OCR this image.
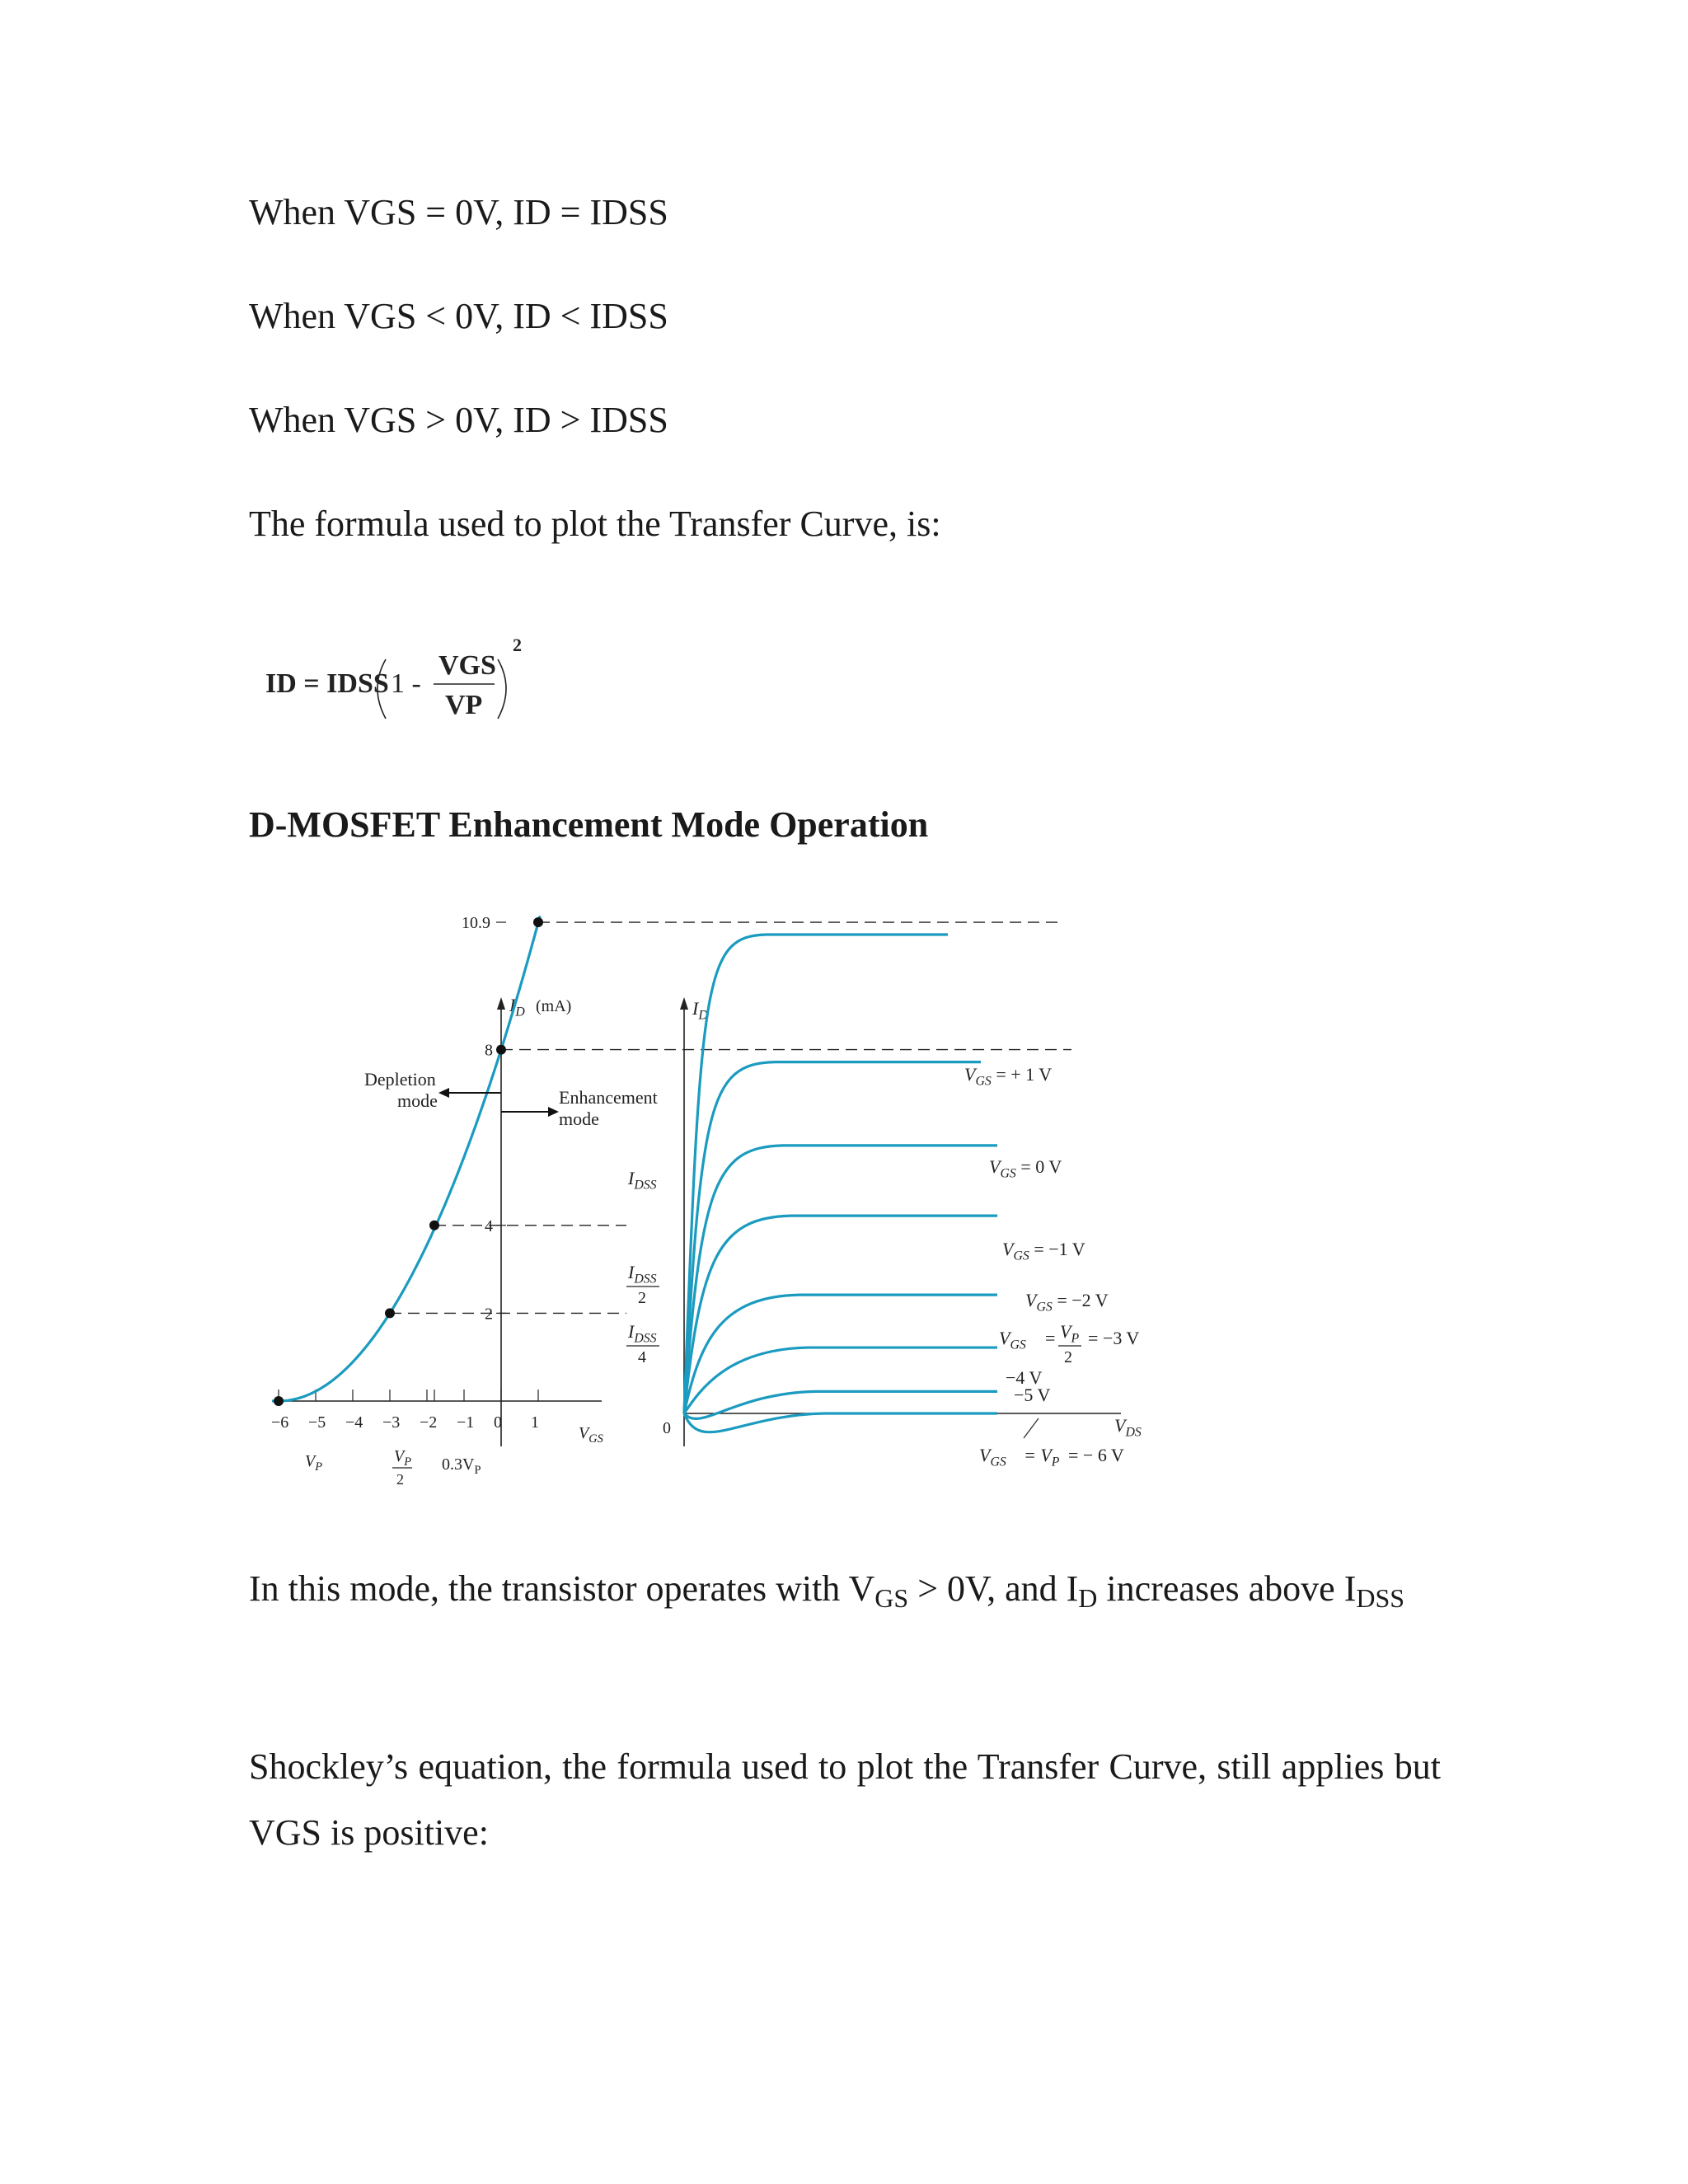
When VGS = 0V, ID = IDSS
When VGS < 0V, ID < IDSS
When VGS > 0V, ID > IDSS
The formula used to plot the Transfer Curve, is:
ID = IDSS 1 -
VGS
VP
2
D-MOSFET Enhancement Mode Operation
$I_D$ (mA)
$V_{GS}$
−6 −5 −4 −3 −2 −1 0 1
10.9
8
4
2
$V_P$
$V_P$
2
$0.3V_P$
Depletion
mode	Enhancement
mode
$I_{DSS}$
$I_{DSS}$
2
$I_{DSS}$
4
$I_D$
0	$V_{DS}$
$V_{GS}$ = + 1 V
$V_{GS} = 0$ V
$V_{GS} = -1$ V
$V_{GS} = -2$ V
$V_{GS} = V_P$
2
= −3 V
−4 V
−5 V
$V_{GS} = V_P$ = − 6 V
In this mode, the transistor operates with $V_{GS} > 0V$, and $I_D$ increases above $I_{DSS}$
Shockley’s equation, the formula used to plot the Transfer Curve, still applies but VGS is positive:
